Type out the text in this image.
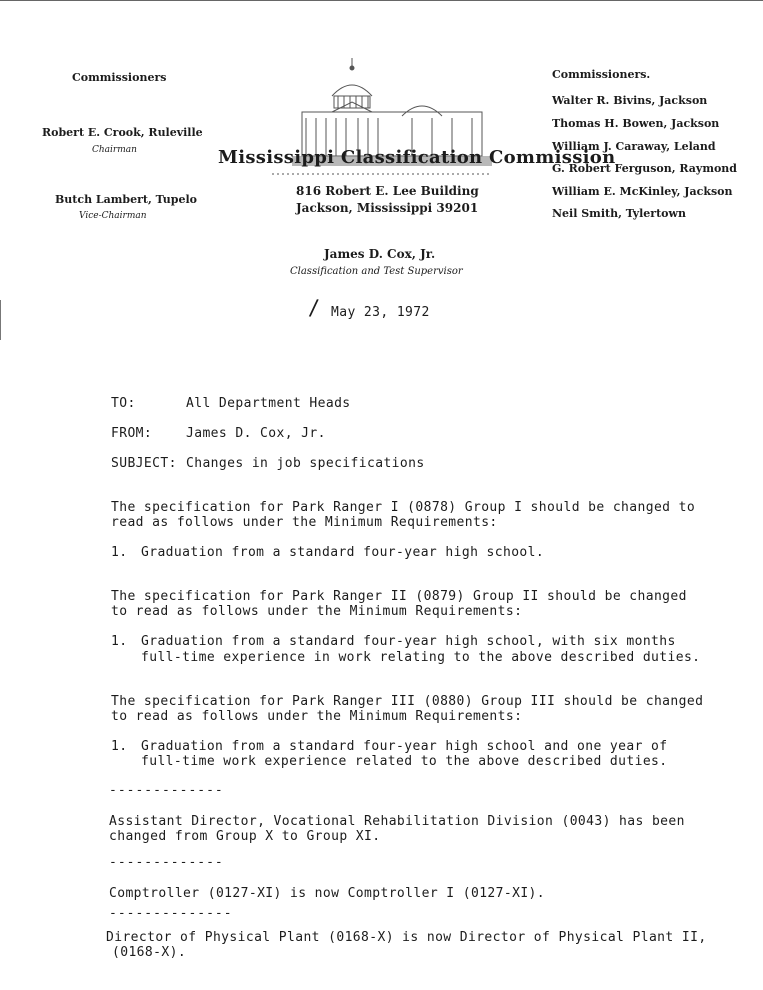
Commissioners
Robert E. Crook, Ruleville
Chairman
Butch Lambert, Tupelo
Vice-Chairman
Mississippi Classification Commission
816 Robert E. Lee Building
Jackson, Mississippi 39201
James D. Cox, Jr.
Classification and Test Supervisor
Commissioners.
Walter R. Bivins, Jackson
Thomas H. Bowen, Jackson
William J. Caraway, Leland
G. Robert Ferguson, Raymond
William E. McKinley, Jackson
Neil Smith, Tylertown
/ May 23, 1972
TO:	All Department Heads
FROM:	James D. Cox, Jr.
SUBJECT: Changes in job specifications
The specification for Park Ranger I (0878) Group I should be changed to
read as follows under the Minimum Requirements:
1. Graduation from a standard four-year high school.
The specification for Park Ranger II (0879) Group II should be changed
to read as follows under the Minimum Requirements:
1. Graduation from a standard four-year high school, with six months
full-time experience in work relating to the above described duties.
The specification for Park Ranger III (0880) Group III should be changed
to read as follows under the Minimum Requirements:
1. Graduation from a standard four-year high school and one year of
full-time work experience related to the above described duties.
-------------
Assistant Director, Vocational Rehabilitation Division (0043) has been
changed from Group X to Group XI.
-------------
Comptroller (0127-XI) is now Comptroller I (0127-XI).
--------------
Director of Physical Plant (0168-X) is now Director of Physical Plant II,
(0168-X).
